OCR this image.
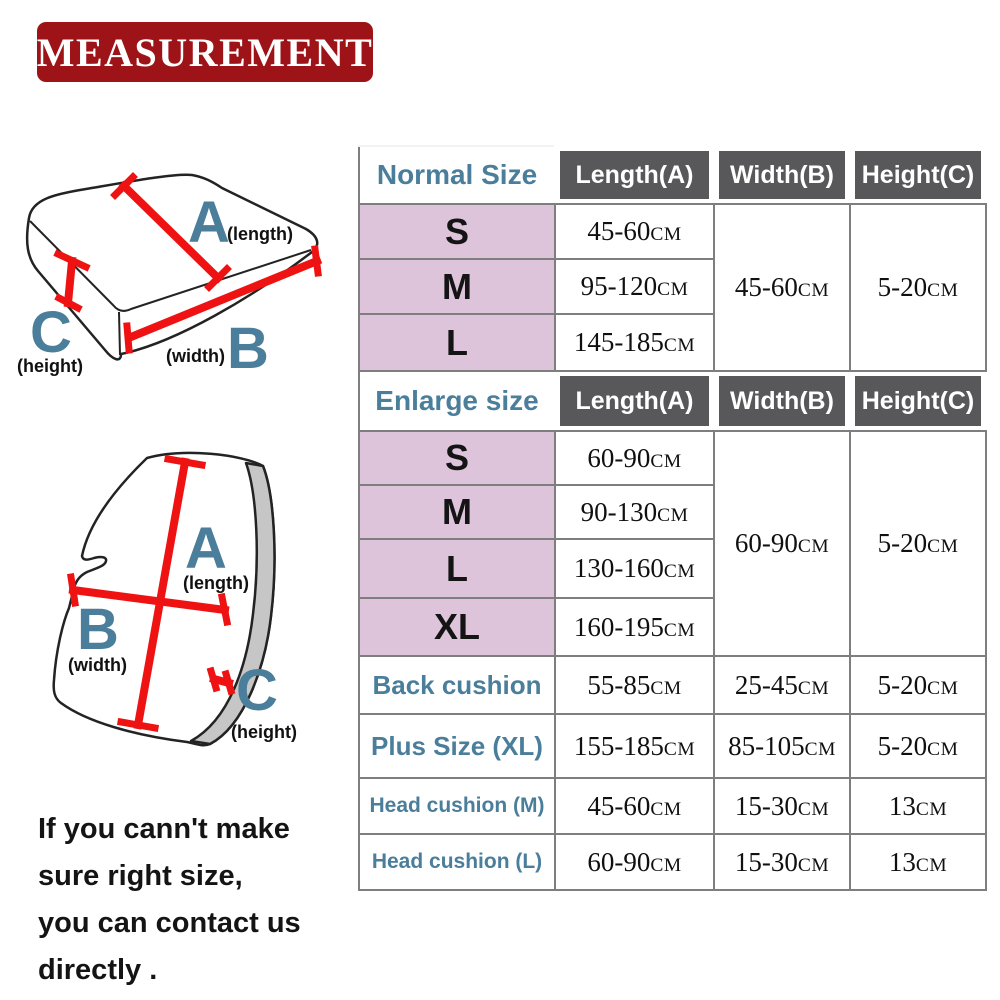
MEASUREMENT
A
(length)
B
(width)
C
(height)
A
(length)
B
(width) C
(height)
Normal Size	Length(A)	Width(B)	Height(C)
S	45-60CM	45-60CM	5-20CM
M	95-120CM		
L	145-185CM		
Enlarge size	Length(A)	Width(B)	Height(C)
S	60-90CM	60-90CM	5-20CM
M	90-130CM		
L	130-160CM		
XL	160-195CM		
Back cushion	55-85CM	25-45CM	5-20CM
Plus Size (XL)	155-185CM	85-105CM	5-20CM
Head cushion (M)	45-60CM	15-30CM	13CM
Head cushion (L)	60-90CM	15-30CM	13CM
If you cann't make
sure right size,
you can contact us
directly .
